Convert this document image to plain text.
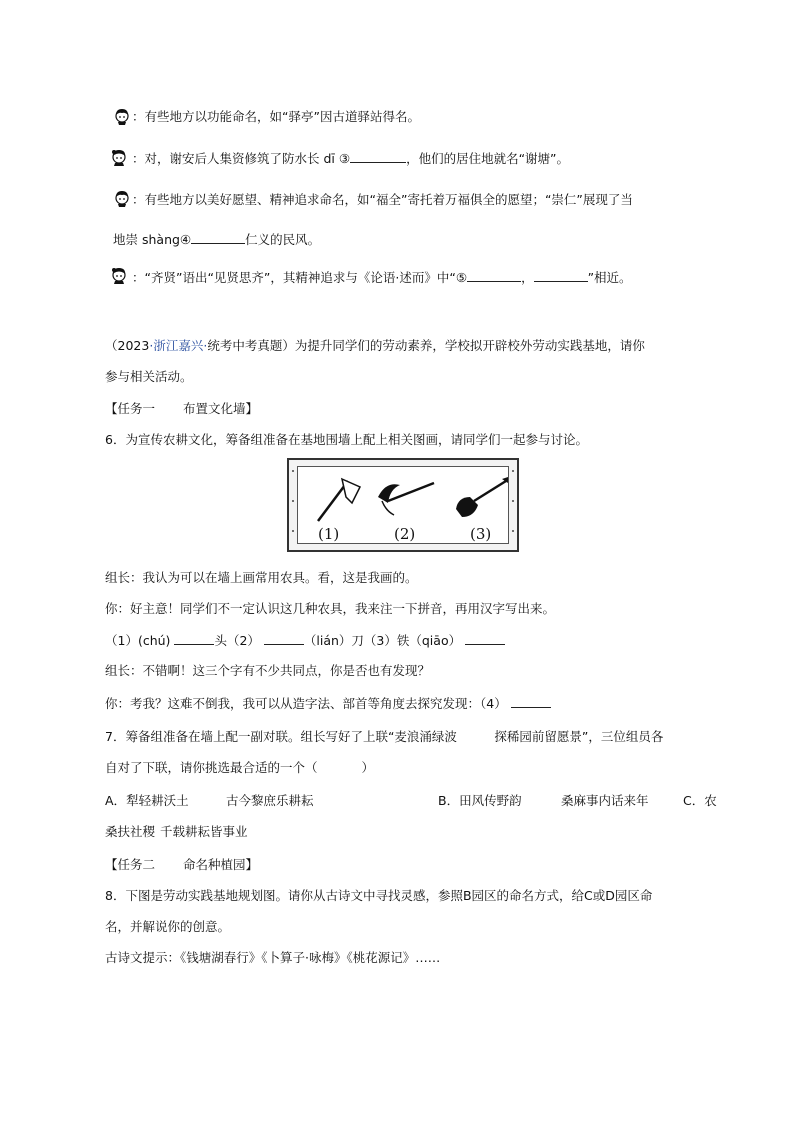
：有些地方以功能命名，如“驿亭”因古道驿站得名。
：对，谢安后人集资修筑了防水长 dī ③	，他们的居住地就名“谢塘”。
：有些地方以美好愿望、精神追求命名，如“福全”寄托着万福俱全的愿望；“崇仁”展现了当
地崇 shàng④	仁义的民风。
：“齐贤”语出“见贤思齐”，其精神追求与《论语·述而》中“⑤	，	”相近。
（2023·浙江嘉兴·统考中考真题）为提升同学们的劳动素养，学校拟开辟校外劳动实践基地，请你
参与相关活动。
【任务一 布置文化墙】
6．为宣传农耕文化，筹备组准备在基地围墙上配上相关图画，请同学们一起参与讨论。
(1)	(2)	(3)
组长：我认为可以在墙上画常用农具。看，这是我画的。
你：好主意！同学们不一定认识这几种农具，我来注一下拼音，再用汉字写出来。
（1）(chú)	头（2）	（lián）刀（3）铁（qiāo）
组长：不错啊！这三个字有不少共同点，你是否也有发现？
你：考我？这难不倒我，我可以从造字法、部首等角度去探究发现：（4）
7．筹备组准备在墙上配一副对联。组长写好了上联“麦浪涌绿波　　　探稀园前留愿景”，三位组员各
自对了下联，请你挑选最合适的一个（	）
A．犁轻耕沃土	古今黎庶乐耕耘	B．田风传野韵	桑麻事内话来年	C．农
桑扶社稷 千载耕耘皆事业
【任务二 命名种植园】
8．下图是劳动实践基地规划图。请你从古诗文中寻找灵感，参照B园区的命名方式，给C或D园区命
名，并解说你的创意。
古诗文提示：《钱塘湖春行》《卜算子·咏梅》《桃花源记》……
